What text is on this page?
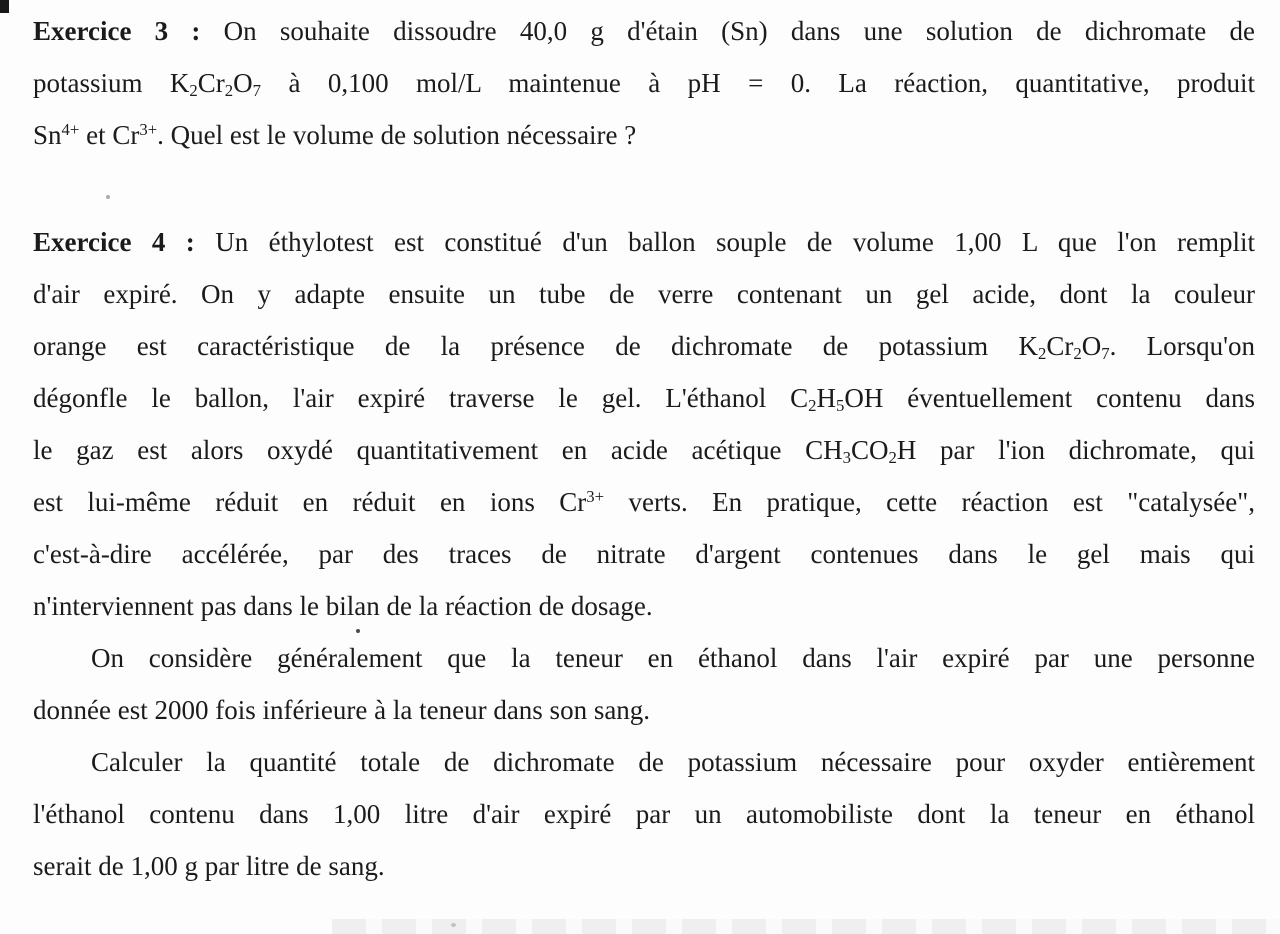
Exercice 3 : On souhaite dissoudre 40,0 g d'étain (Sn) dans une solution de dichromate de
potassium $K_2Cr_2O_7$ à 0,100 mol/L maintenue à pH = 0. La réaction, quantitative, produit
$Sn^{4+}$ et $Cr^{3+}$. Quel est le volume de solution nécessaire ?
Exercice 4 : Un éthylotest est constitué d'un ballon souple de volume 1,00 L que l'on remplit
d'air expiré. On y adapte ensuite un tube de verre contenant un gel acide, dont la couleur
orange est caractéristique de la présence de dichromate de potassium $K_2Cr_2O_7$. Lorsqu'on
dégonfle le ballon, l'air expiré traverse le gel. L'éthanol $C_2H_5OH$ éventuellement contenu dans
le gaz est alors oxydé quantitativement en acide acétique $CH_3CO_2H$ par l'ion dichromate, qui
est lui-même réduit en réduit en ions $Cr^{3+}$ verts. En pratique, cette réaction est "catalysée",
c'est-à-dire accélérée, par des traces de nitrate d'argent contenues dans le gel mais qui
n'interviennent pas dans le bilan de la réaction de dosage.
On considère généralement que la teneur en éthanol dans l'air expiré par une personne
donnée est 2000 fois inférieure à la teneur dans son sang.
Calculer la quantité totale de dichromate de potassium nécessaire pour oxyder entièrement
l'éthanol contenu dans 1,00 litre d'air expiré par un automobiliste dont la teneur en éthanol
serait de 1,00 g par litre de sang.
